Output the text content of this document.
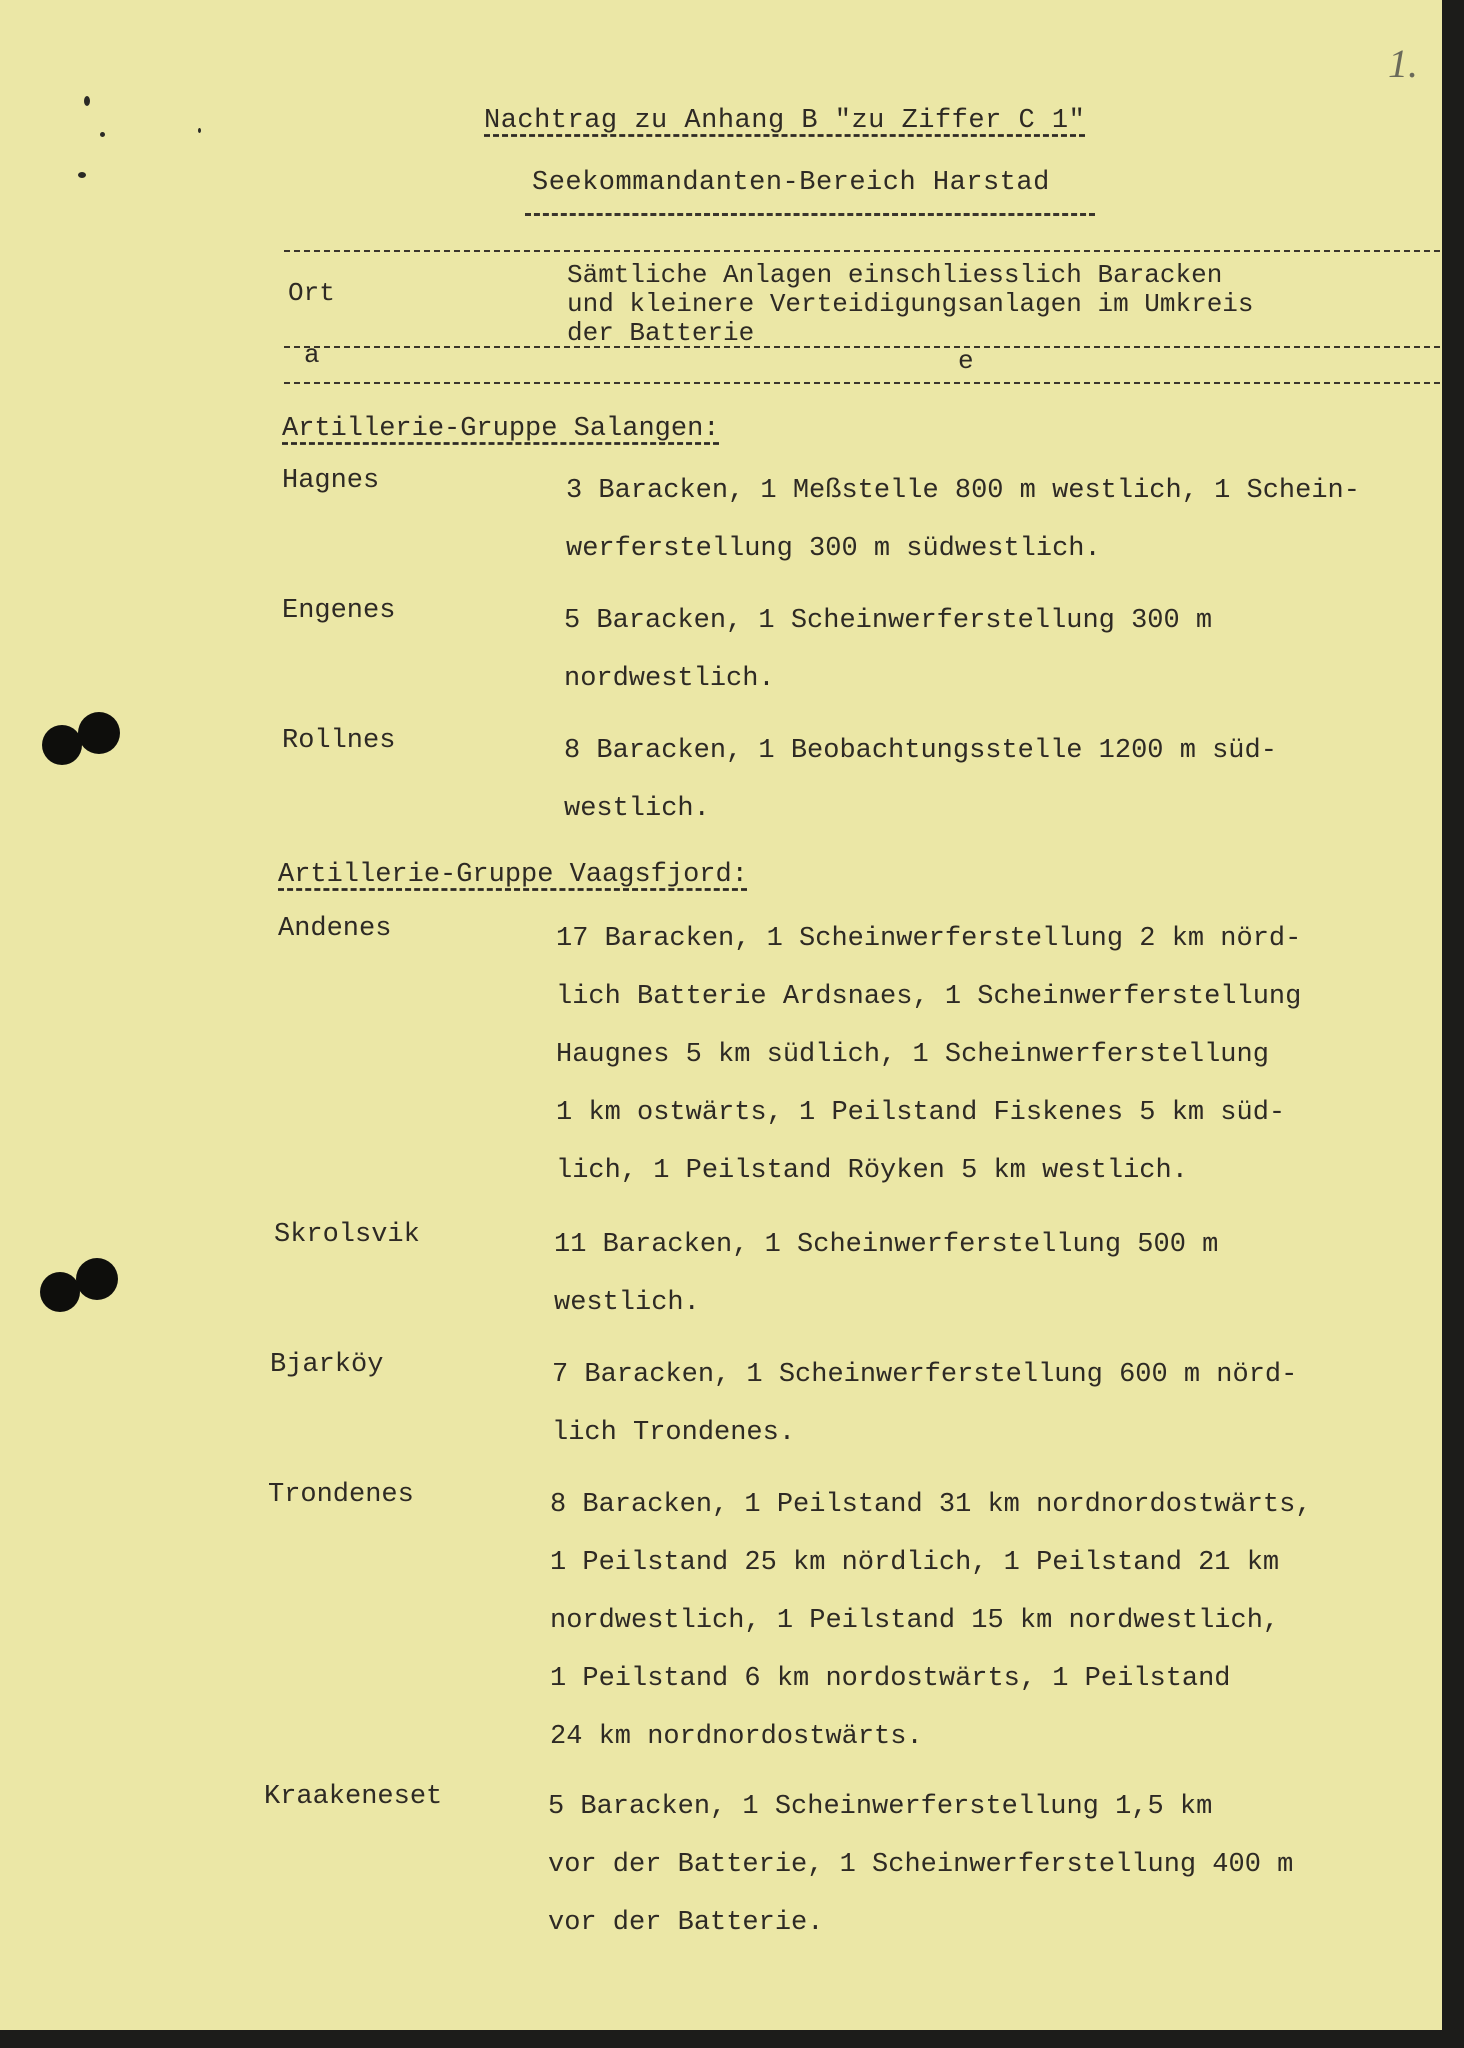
1.
Nachtrag zu Anhang B "zu Ziffer C 1"
Seekommandanten-Bereich Harstad
Ort
Sämtliche Anlagen einschliesslich Baracken
und kleinere Verteidigungsanlagen im Umkreis
der Batterie
a	e
Artillerie-Gruppe Salangen:
Hagnes	3 Baracken, 1 Meßstelle 800 m westlich, 1 Schein-
werferstellung 300 m südwestlich.
Engenes	5 Baracken, 1 Scheinwerferstellung 300 m
nordwestlich.
Rollnes	8 Baracken, 1 Beobachtungsstelle 1200 m süd-
westlich.
Artillerie-Gruppe Vaagsfjord:
Andenes	17 Baracken, 1 Scheinwerferstellung 2 km nörd-
lich Batterie Ardsnaes, 1 Scheinwerferstellung
Haugnes 5 km südlich, 1 Scheinwerferstellung
1 km ostwärts, 1 Peilstand Fiskenes 5 km süd-
lich, 1 Peilstand Röyken 5 km westlich.
Skrolsvik	11 Baracken, 1 Scheinwerferstellung 500 m
westlich.
Bjarköy	7 Baracken, 1 Scheinwerferstellung 600 m nörd-
lich Trondenes.
Trondenes	8 Baracken, 1 Peilstand 31 km nordnordostwärts,
1 Peilstand 25 km nördlich, 1 Peilstand 21 km
nordwestlich, 1 Peilstand 15 km nordwestlich,
1 Peilstand 6 km nordostwärts, 1 Peilstand
24 km nordnordostwärts.
Kraakeneset	5 Baracken, 1 Scheinwerferstellung 1,5 km
vor der Batterie, 1 Scheinwerferstellung 400 m
vor der Batterie.
